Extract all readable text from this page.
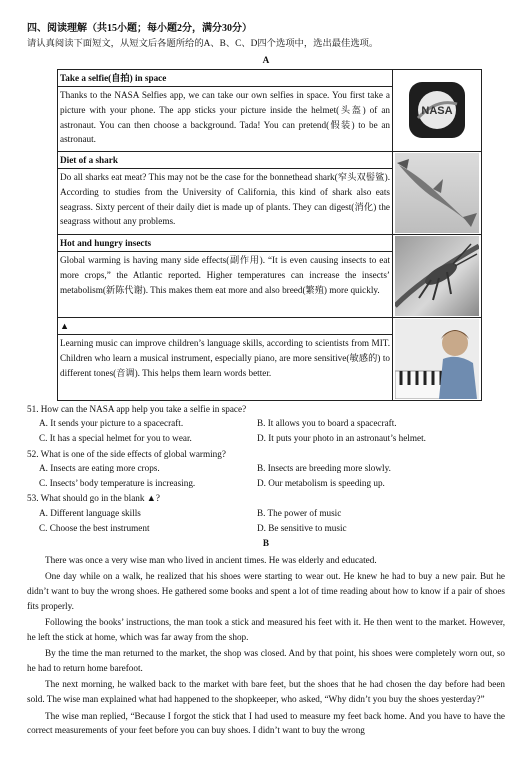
四、阅读理解（共15小题；每小题2分，满分30分）
请认真阅读下面短文，从短文后各题所给的A、B、C、D四个选项中，选出最佳选项。
A
Take a selfie(自拍) in space
Thanks to the NASA Selfies app, we can take our own selfies in space. You first take a picture with your phone. The app sticks your picture inside the helmet(头盔) of an astronaut. You can then choose a background. Tada! You can pretend(假装) to be an astronaut.	NASA

Diet of a shark
Do all sharks eat meat? This may not be the case for the bonnethead shark(窄头双髻鲨). According to studies from the University of California, this kind of shark also eats seagrass. Sixty percent of their daily diet is made up of plants. They can digest(消化) the seagrass without any problems.

Hot and hungry insects
Global warming is having many side effects(副作用). “It is even causing insects to eat more crops,” the Atlantic reported. Higher temperatures can increase the insects’ metabolism(新陈代谢). This makes them eat more and also breed(繁殖) more quickly.

▲
Learning music can improve children’s language skills, according to scientists from MIT. Children who learn a musical instrument, especially piano, are more sensitive(敏感的) to different tones(音调). This helps them learn words better.

51. How can the NASA app help you take a selfie in space?
A. It sends your picture to a spacecraft.	B. It allows you to board a spacecraft.
C. It has a special helmet for you to wear.	D. It puts your photo in an astronaut’s helmet.
52. What is one of the side effects of global warming?
A. Insects are eating more crops.	B. Insects are breeding more slowly.
C. Insects’ body temperature is increasing.	D. Our metabolism is speeding up.
53. What should go in the blank ▲?
A. Different language skills	B. The power of music
C. Choose the best instrument	D. Be sensitive to music
B
There was once a very wise man who lived in ancient times. He was elderly and educated.
One day while on a walk, he realized that his shoes were starting to wear out. He knew he had to buy a new pair. But he didn’t want to buy the wrong shoes. He gathered some books and spent a lot of time reading about how to know if a pair of shoes fits properly.
Following the books’ instructions, the man took a stick and measured his feet with it. He then went to the market. However, he left the stick at home, which was far away from the shop.
By the time the man returned to the market, the shop was closed. And by that point, his shoes were completely worn out, so he had to return home barefoot.
The next morning, he walked back to the market with bare feet, but the shoes that he had chosen the day before had been sold. The wise man explained what had happened to the shopkeeper, who asked, “Why didn’t you buy the shoes yesterday?”
The wise man replied, “Because I forgot the stick that I had used to measure my feet back home. And you have to have the correct measurements of your feet before you can buy shoes. I didn’t want to buy the wrong
